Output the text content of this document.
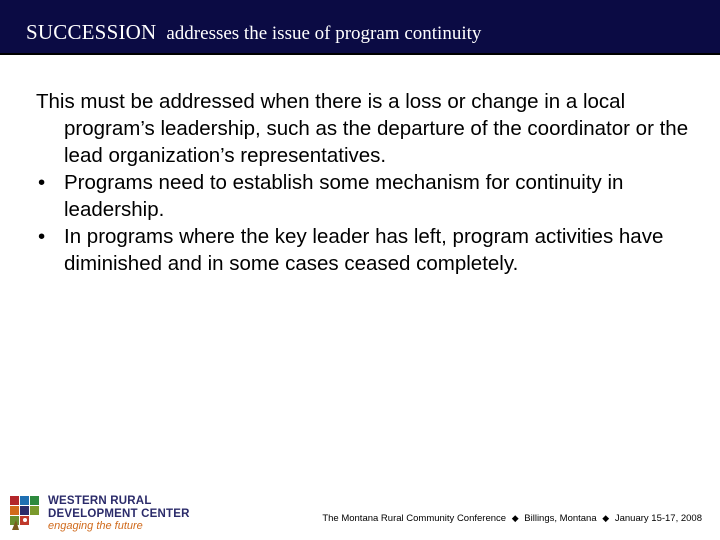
SUCCESSION addresses the issue of program continuity

This must be addressed when there is a loss or change in a local program’s leadership, such as the departure of the coordinator or the lead organization’s representatives.

• Programs need to establish some mechanism for continuity in leadership.
• In programs where the key leader has left, program activities have diminished and in some cases ceased completely.
WESTERN RURAL
DEVELOPMENT CENTER
engaging the future
The Montana Rural Community Conference ◆ Billings, Montana ◆ January 15-17, 2008
